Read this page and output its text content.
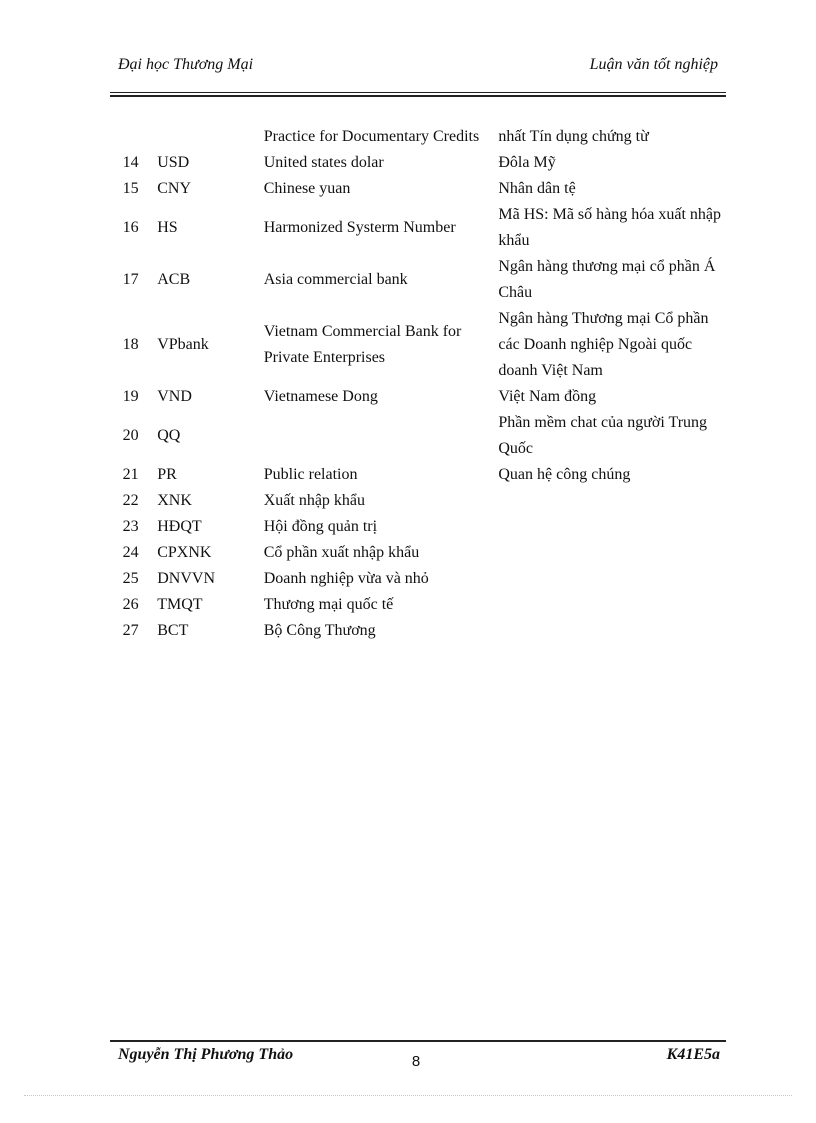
Đại học Thương Mại	Luận văn tốt nghiệp
		Practice for Documentary Credits	nhất Tín dụng chứng từ
14	USD	United states dolar	Đôla Mỹ
15	CNY	Chinese yuan	Nhân dân tệ
16	HS	Harmonized Systerm Number	Mã HS: Mã số hàng hóa xuất nhập khẩu
17	ACB	Asia commercial bank	Ngân hàng thương mại cổ phần Á Châu
18	VPbank	Vietnam Commercial Bank for Private Enterprises	Ngân hàng Thương mại Cổ phần các Doanh nghiệp Ngoài quốc doanh Việt Nam
19	VND	Vietnamese Dong	Việt Nam đồng
20	QQ		Phần mềm chat của người Trung Quốc
21	PR	Public relation	Quan hệ công chúng
22	XNK	Xuất nhập khẩu	
23	HĐQT	Hội đồng quản trị	
24	CPXNK	Cổ phần xuất nhập khẩu	
25	DNVVN	Doanh nghiệp vừa và nhỏ	
26	TMQT	Thương mại quốc tế	
27	BCT	Bộ Công Thương	
Nguyễn Thị Phương Thảo	8	K41E5a
